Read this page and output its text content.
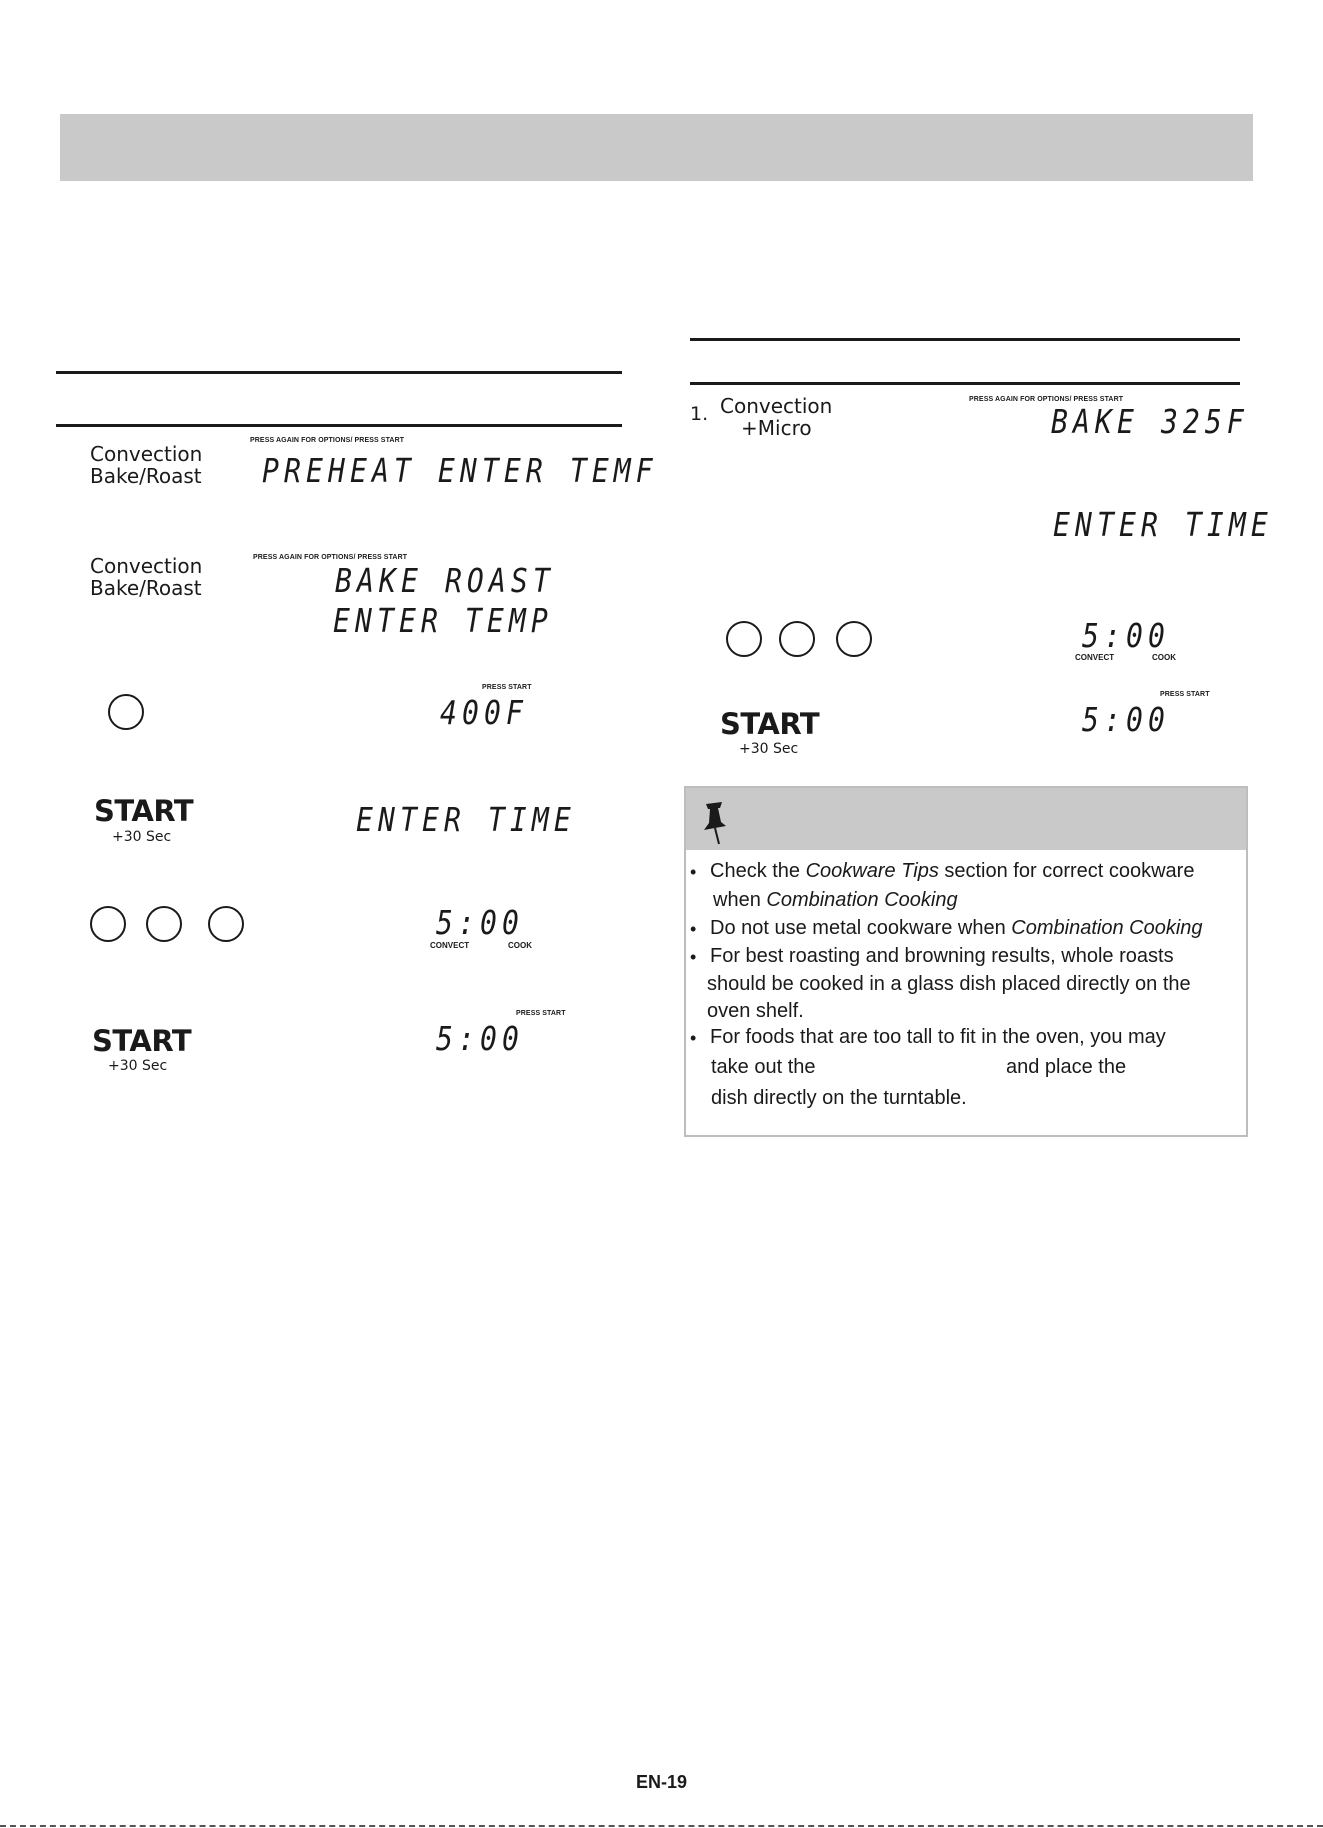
Convection
Bake/Roast
PRESS AGAIN FOR OPTIONS/ PRESS START
PREHEAT ENTER TEMF
Convection
Bake/Roast
PRESS AGAIN FOR OPTIONS/ PRESS START
BAKE ROAST
ENTER TEMP
PRESS START
400F
START
+30 Sec	ENTER TIME
5:00
CONVECT	COOK
START
+30 Sec
PRESS START
5:00
1. Convection
+Micro
PRESS AGAIN FOR OPTIONS/ PRESS START
BAKE 325F
ENTER TIME
5:00
CONVECT	COOK
START
+30 Sec
PRESS START
5:00
• Check the Cookware Tips section for correct cookware
when Combination Cooking
• Do not use metal cookware when Combination Cooking
• For best roasting and browning results, whole roasts
should be cooked in a glass dish placed directly on the
oven shelf.
• For foods that are too tall to fit in the oven, you may
take out the	and place the
dish directly on the turntable.
EN-19
